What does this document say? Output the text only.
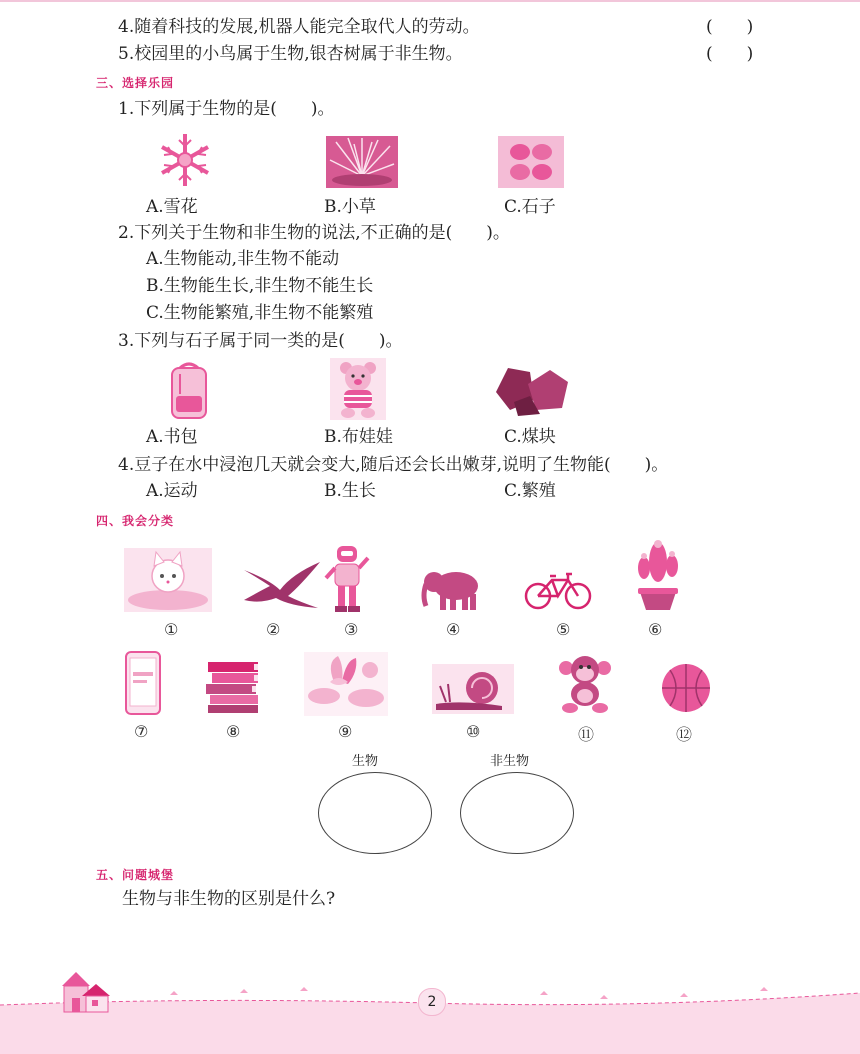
4.随着科技的发展,机器人能完全取代人的劳动。	(　　)
5.校园里的小鸟属于生物,银杏树属于非生物。	(　　)
三、选择乐园
1.下列属于生物的是(　　)。
A.雪花	B.小草	C.石子
2.下列关于生物和非生物的说法,不正确的是(　　)。
A.生物能动,非生物不能动
B.生物能生长,非生物不能生长
C.生物能繁殖,非生物不能繁殖
3.下列与石子属于同一类的是(　　)。
A.书包	B.布娃娃	C.煤块
4.豆子在水中浸泡几天就会变大,随后还会长出嫩芽,说明了生物能(　　)。
A.运动	B.生长	C.繁殖
四、我会分类
①	②	③	④	⑤	⑥
⑦	⑧	⑨	⑩	⑪	⑫
生物	非生物
五、问题城堡
生物与非生物的区别是什么?
2
